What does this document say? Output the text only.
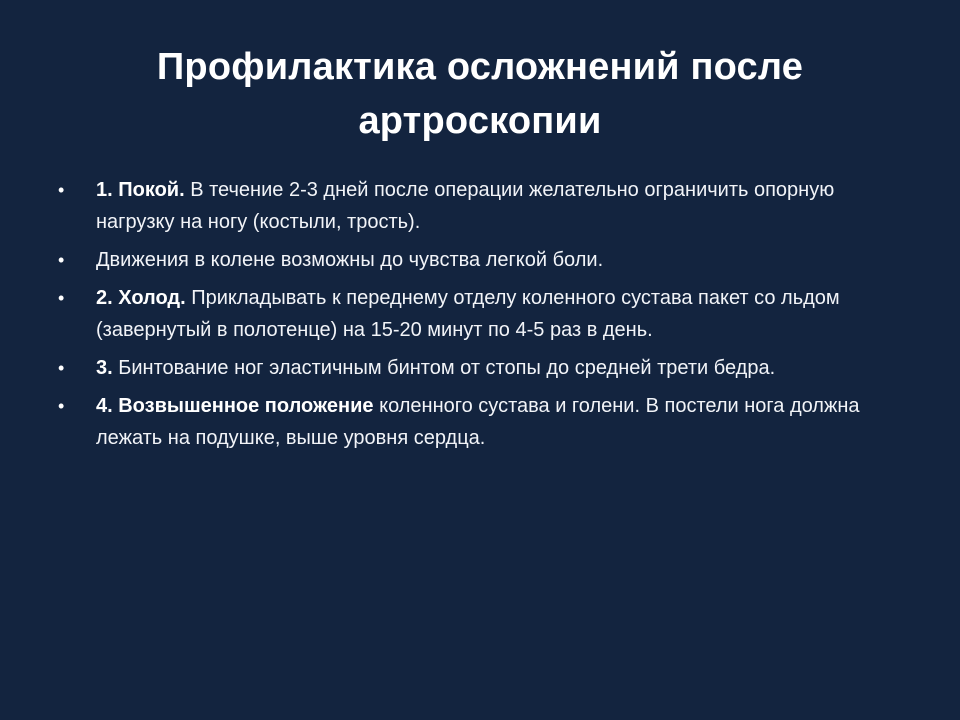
Профилактика осложнений после артроскопии
• 1. Покой. В течение 2-3 дней после операции желательно ограничить опорную нагрузку на ногу (костыли, трость).
• Движения в колене возможны до чувства легкой боли.
• 2. Холод. Прикладывать к переднему отделу коленного сустава пакет со льдом (завернутый в полотенце) на 15-20 минут по 4-5 раз в день.
• 3. Бинтование ног эластичным бинтом от стопы до средней трети бедра.
• 4. Возвышенное положение коленного сустава и голени. В постели нога должна лежать на подушке, выше уровня сердца.
